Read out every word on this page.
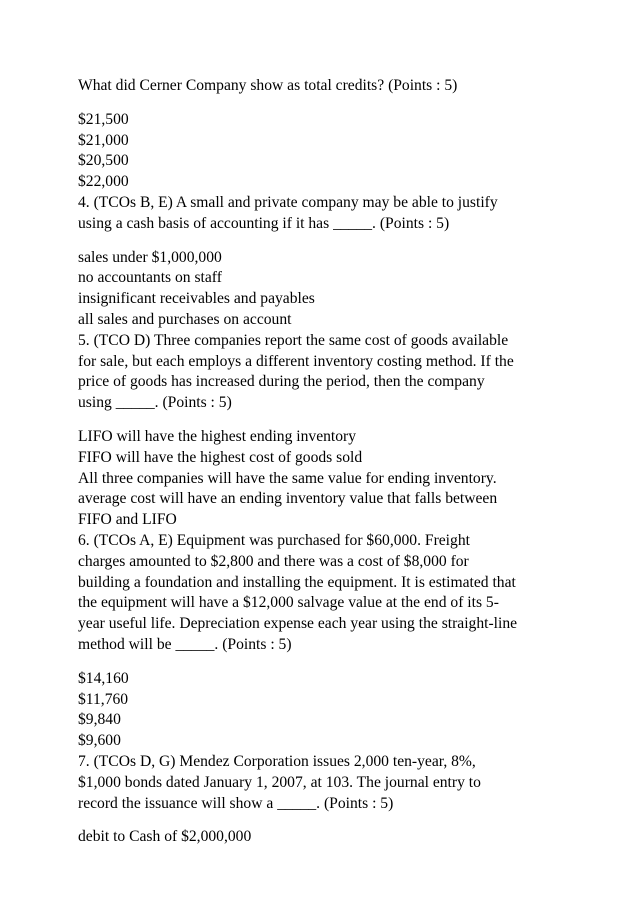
What did Cerner Company show as total credits? (Points : 5)
$21,500
$21,000
$20,500
$22,000
4. (TCOs B, E) A small and private company may be able to justify
using a cash basis of accounting if it has _____. (Points : 5)
sales under $1,000,000
no accountants on staff
insignificant receivables and payables
all sales and purchases on account
5. (TCO D) Three companies report the same cost of goods available
for sale, but each employs a different inventory costing method. If the
price of goods has increased during the period, then the company
using _____. (Points : 5)
LIFO will have the highest ending inventory
FIFO will have the highest cost of goods sold
All three companies will have the same value for ending inventory.
average cost will have an ending inventory value that falls between
FIFO and LIFO
6. (TCOs A, E) Equipment was purchased for $60,000. Freight
charges amounted to $2,800 and there was a cost of $8,000 for
building a foundation and installing the equipment. It is estimated that
the equipment will have a $12,000 salvage value at the end of its 5-
year useful life. Depreciation expense each year using the straight-line
method will be _____. (Points : 5)
$14,160
$11,760
$9,840
$9,600
7. (TCOs D, G) Mendez Corporation issues 2,000 ten-year, 8%,
$1,000 bonds dated January 1, 2007, at 103. The journal entry to
record the issuance will show a _____. (Points : 5)
debit to Cash of $2,000,000
